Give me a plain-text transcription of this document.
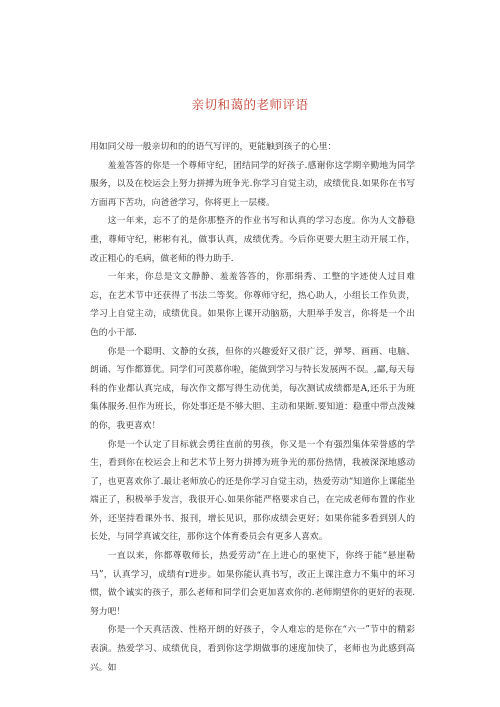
亲切和蔼的老师评语

用如同父母一般亲切和的的语气写评的，更能触到孩子的心里：

羞羞答答的你是一个尊师守纪，团结同学的好孩子.感谢你这学期辛勤地为同学服务，以及在校运会上努力拼搏为班争光.你学习自觉主动，成绩优良.如果你在书写方面再下苦功，向爸爸学习，你将更上一层楼。

这一年来，忘不了的是你那整齐的作业书写和认真的学习态度。你为人文静稳重，尊师守纪，彬彬有礼，做事认真，成绩优秀。今后你更要大胆主动开展工作，改正粗心的毛病，做老师的得力助手.

一年来，你总是文文静静、羞羞答答的，你那绢秀、工整的字迹使人过目难忘，在艺术节中还获得了书法二等奖。你尊师守纪，热心助人，小组长工作负责，学习上自觉主动，成绩优良。如果你上课开动脑筋，大胆举手发言，你将是一个出色的小干部.

你是一个聪明、文静的女孩，但你的兴趣爱好又很广泛，弹琴、画画、电脑、朗诵、写作都算优。同学们可羡慕你啦，能做到学习与特长发展两不误。,酃,每天每科的作业都认真完成，每次作文都写得生动优美，每次测试成绩都是A,还乐于为班集体服务.但作为班长，你处事还是不够大胆、主动和果断.要知道：稳重中带点泼辣的你，我更喜欢！

你是一个认定了目标就会勇往直前的男孩，你又是一个有强烈集体荣誉感的学生，看到你在校运会上和艺术节上努力拼搏为班争光的那份热情，我被深深地感动了，也更喜欢你了.最让老师放心的还是你学习自觉主动，热爱劳动“知道你上课能坐端正了，积极举手发言，我很开心.如果你能严格要求自己，在完成老师布置的作业外，还坚持看课外书、报刊，增长见识，那你成绩会更好；如果你能多看到别人的长处，与同学真诚交往，那你这个体育委员会有更多人喜欢。

一直以来，你都尊敬师长，热爱劳动“在上进心的驱使下，你终于能“悬崖勒马”，认真学习，成绩有r进步。如果你能认真书写，改正上课注意力不集中的坏习惯，做个诚实的孩子，那么老师和同学们会更加喜欢你的.老师期望你的更好的表现.努力吧！

你是一个天真活泼、性格开朗的好孩子，令人难忘的是你在“六一”节中的精彩表演。热爱学习、成绩优良，看到你这学期做事的速度加快了，老师也为此感到高兴。如
